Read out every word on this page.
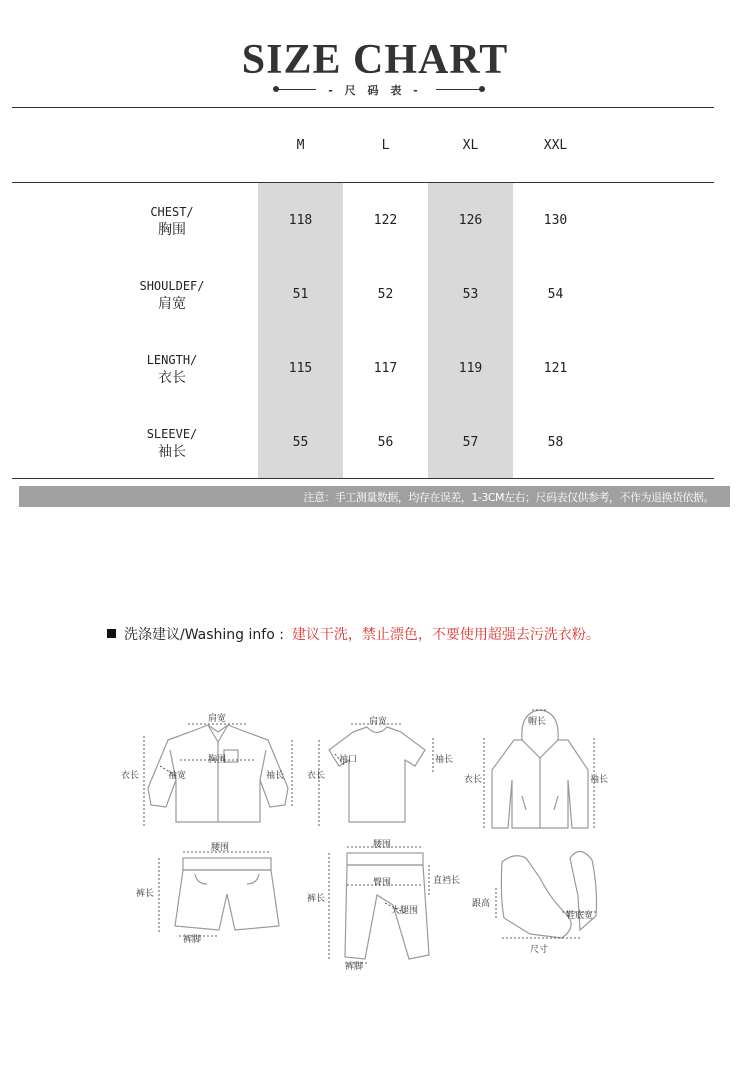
SIZE CHART
- 尺 码 表 -
M	L	XL	XXL
CHEST/
胸围
118	122	126	130
SHOULDEF/
肩宽
51	52	53	54
LENGTH/
衣长
115	117	119	121
SLEEVE/
袖长
55	56	57	58
注意：手工测量数据，均存在误差，1-3CM左右；尺码表仅供参考，不作为退换货依据。
洗涤建议/Washing info : 建议干洗，禁止漂色，不要使用超强去污洗衣粉。
肩宽
胸围
衣长	袖宽	袖长
肩宽
袖口
衣长
袖长
帽长
衣长	袖长
腰围
裤长
裤脚
腰围
臀围	直裆长
大腿围
裤长
裤脚
跟高
鞋底宽
尺寸
